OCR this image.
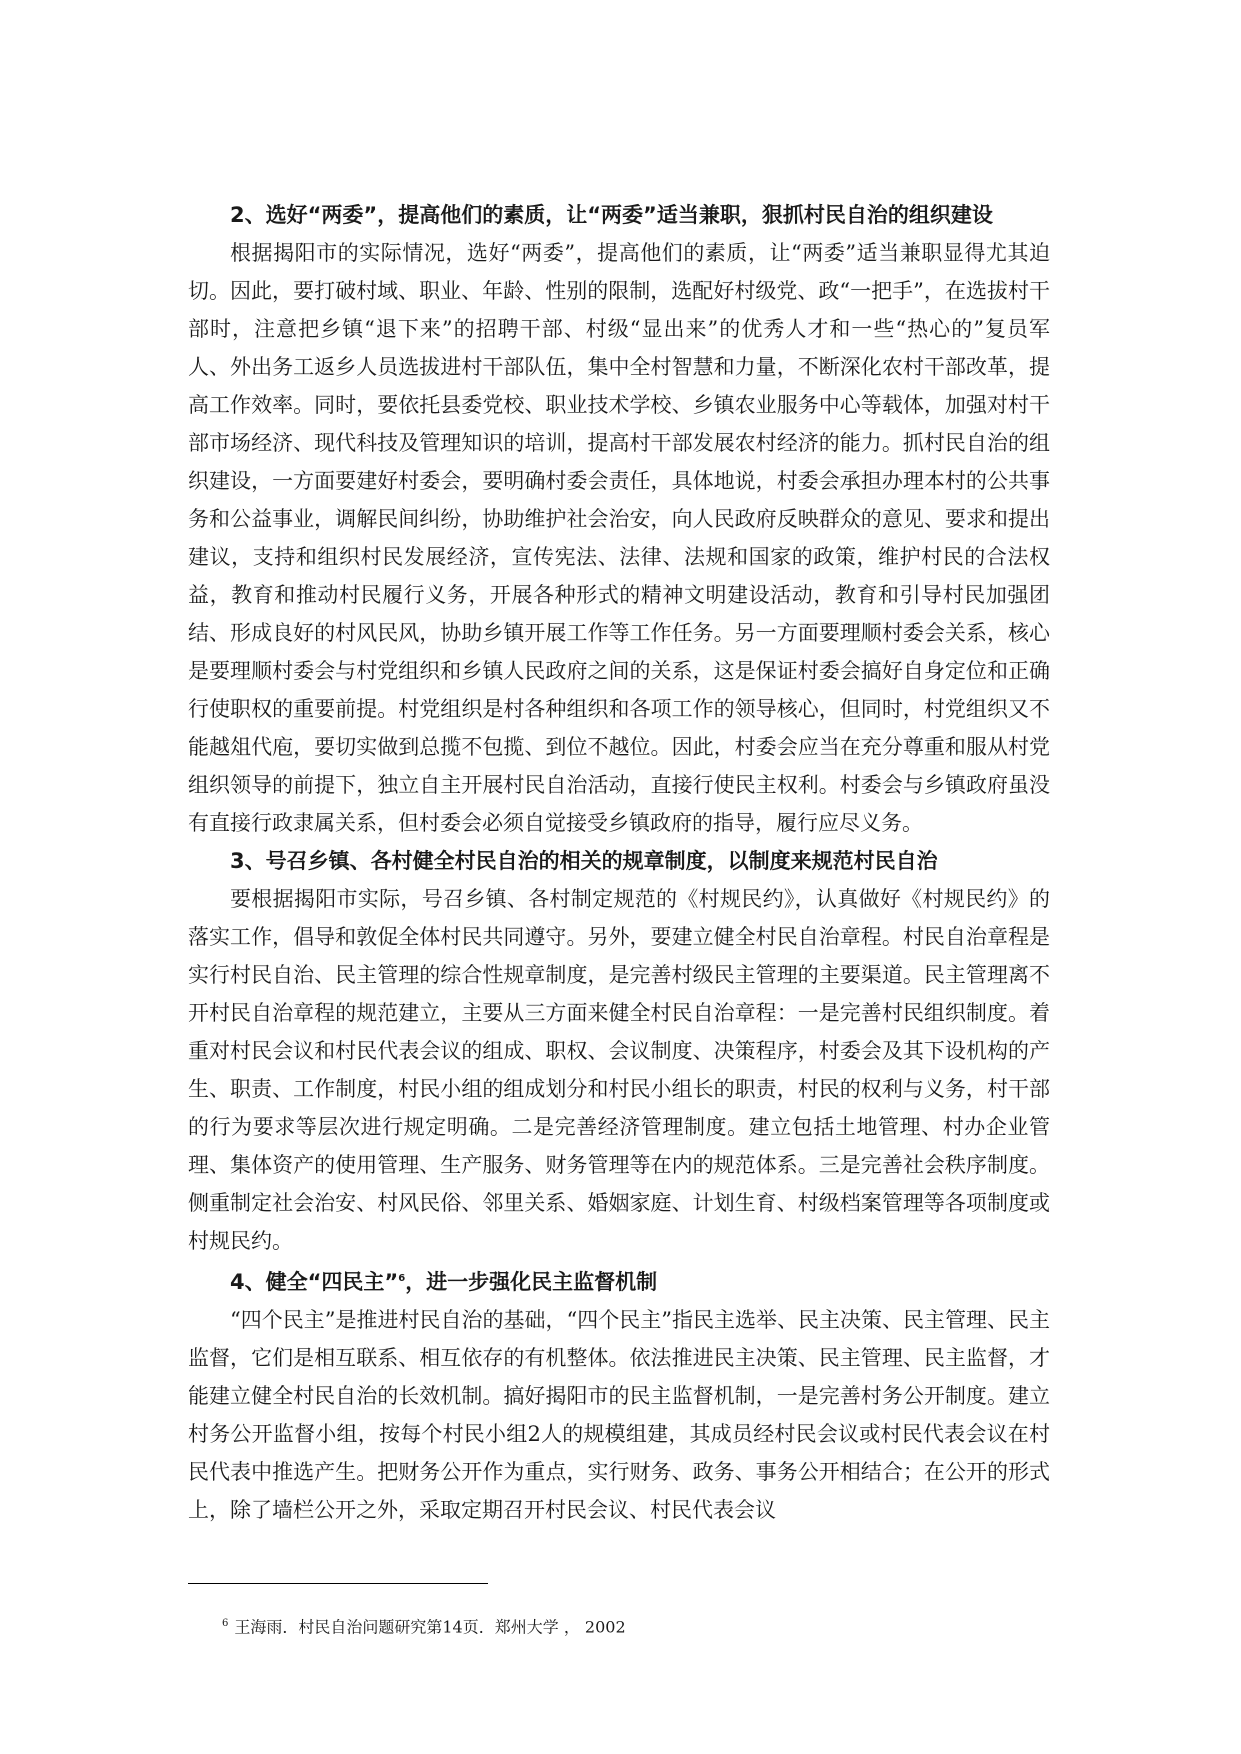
2、选好“两委”，提高他们的素质，让“两委”适当兼职，狠抓村民自治的组织建设

根据揭阳市的实际情况，选好“两委”，提高他们的素质，让“两委”适当兼职显得尤其迫切。因此，要打破村域、职业、年龄、性别的限制，选配好村级党、政“一把手”，在选拔村干部时，注意把乡镇“退下来”的招聘干部、村级“显出来”的优秀人才和一些“热心的”复员军人、外出务工返乡人员选拔进村干部队伍，集中全村智慧和力量，不断深化农村干部改革，提高工作效率。同时，要依托县委党校、职业技术学校、乡镇农业服务中心等载体，加强对村干部市场经济、现代科技及管理知识的培训，提高村干部发展农村经济的能力。抓村民自治的组织建设，一方面要建好村委会，要明确村委会责任，具体地说，村委会承担办理本村的公共事务和公益事业，调解民间纠纷，协助维护社会治安，向人民政府反映群众的意见、要求和提出建议，支持和组织村民发展经济，宣传宪法、法律、法规和国家的政策，维护村民的合法权益，教育和推动村民履行义务，开展各种形式的精神文明建设活动，教育和引导村民加强团结、形成良好的村风民风，协助乡镇开展工作等工作任务。另一方面要理顺村委会关系，核心是要理顺村委会与村党组织和乡镇人民政府之间的关系，这是保证村委会搞好自身定位和正确行使职权的重要前提。村党组织是村各种组织和各项工作的领导核心，但同时，村党组织又不能越俎代庖，要切实做到总揽不包揽、到位不越位。因此，村委会应当在充分尊重和服从村党组织领导的前提下，独立自主开展村民自治活动，直接行使民主权利。村委会与乡镇政府虽没有直接行政隶属关系，但村委会必须自觉接受乡镇政府的指导，履行应尽义务。

3、号召乡镇、各村健全村民自治的相关的规章制度，以制度来规范村民自治

要根据揭阳市实际，号召乡镇、各村制定规范的《村规民约》，认真做好《村规民约》的落实工作，倡导和敦促全体村民共同遵守。另外，要建立健全村民自治章程。村民自治章程是实行村民自治、民主管理的综合性规章制度，是完善村级民主管理的主要渠道。民主管理离不开村民自治章程的规范建立，主要从三方面来健全村民自治章程：一是完善村民组织制度。着重对村民会议和村民代表会议的组成、职权、会议制度、决策程序，村委会及其下设机构的产生、职责、工作制度，村民小组的组成划分和村民小组长的职责，村民的权利与义务，村干部的行为要求等层次进行规定明确。二是完善经济管理制度。建立包括土地管理、村办企业管理、集体资产的使用管理、生产服务、财务管理等在内的规范体系。三是完善社会秩序制度。侧重制定社会治安、村风民俗、邻里关系、婚姻家庭、计划生育、村级档案管理等各项制度或村规民约。

4、健全“四民主”$^6$，进一步强化民主监督机制

“四个民主”是推进村民自治的基础，“四个民主”指民主选举、民主决策、民主管理、民主监督，它们是相互联系、相互依存的有机整体。依法推进民主决策、民主管理、民主监督，才能建立健全村民自治的长效机制。搞好揭阳市的民主监督机制，一是完善村务公开制度。建立村务公开监督小组，按每个村民小组2人的规模组建，其成员经村民会议或村民代表会议在村民代表中推选产生。把财务公开作为重点，实行财务、政务、事务公开相结合；在公开的形式上，除了墙栏公开之外，采取定期召开村民会议、村民代表会议

$^6$ 王海雨．村民自治问题研究第14页．郑州大学 ， 2002
